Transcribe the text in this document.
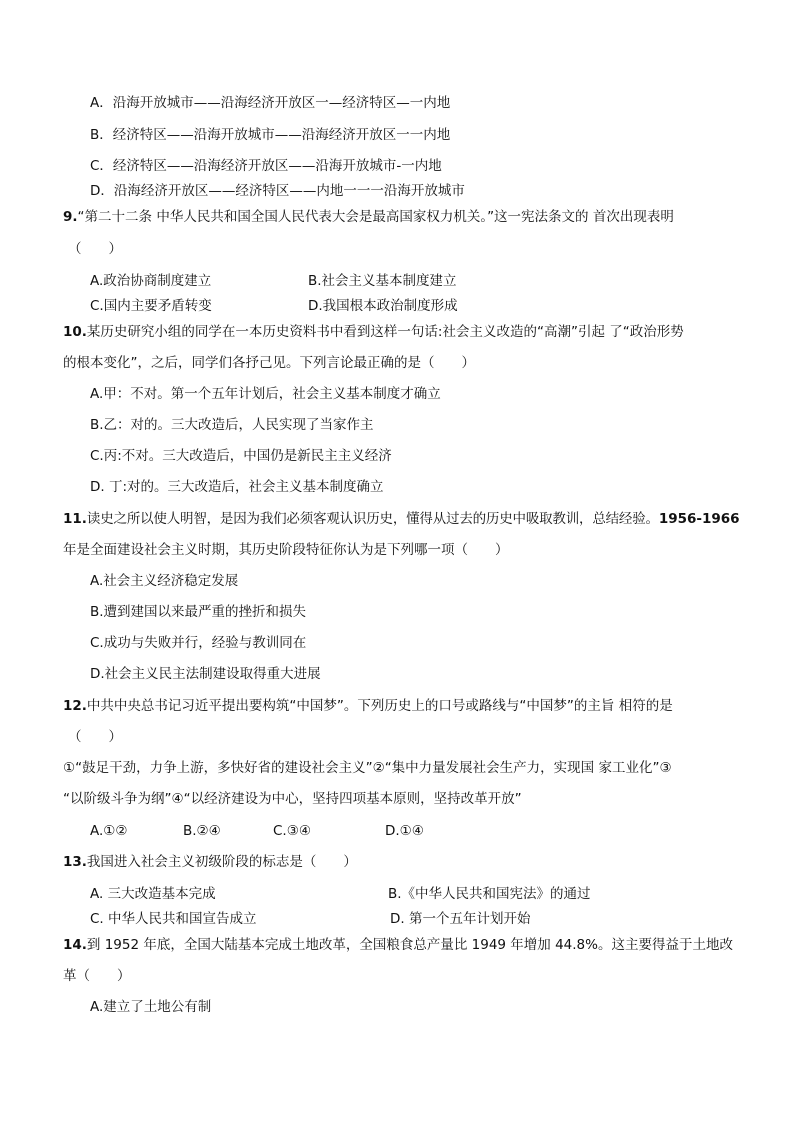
A．沿海开放城市——沿海经济开放区一—经济特区—一内地
B．经济特区——沿海开放城市——沿海经济开放区一一内地
C．经济特区——沿海经济开放区——沿海开放城市-一内地
D．沿海经济开放区——经济特区——内地一一一沿海开放城市
9.“第二十二条 中华人民共和国全国人民代表大会是最高国家权力机关。”这一宪法条文的 首次出现表明
（　　）
A.政治协商制度建立	B.社会主义基本制度建立
C.国内主要矛盾转变	D.我国根本政治制度形成
10.某历史研究小组的同学在一本历史资料书中看到这样一句话:社会主义改造的“高潮”引起 了“政治形势
的根本变化”，之后，同学们各抒己见。下列言论最正确的是（　　）
A.甲：不对。第一个五年计划后，社会主义基本制度才确立
B.乙：对的。三大改造后，人民实现了当家作主
C.丙:不对。三大改造后，中国仍是新民主主义经济
D. 丁:对的。三大改造后，社会主义基本制度确立
11.读史之所以使人明智，是因为我们必须客观认识历史，懂得从过去的历史中吸取教训，总结经验。1956-1966
年是全面建设社会主义时期，其历史阶段特征你认为是下列哪一项（　　）
A.社会主义经济稳定发展
B.遭到建国以来最严重的挫折和损失
C.成功与失败并行，经验与教训同在
D.社会主义民主法制建设取得重大进展
12.中共中央总书记习近平提出要构筑“中国梦”。下列历史上的口号或路线与“中国梦”的主旨 相符的是
（　　）
①“鼓足干劲，力争上游，多快好省的建设社会主义”②“集中力量发展社会生产力，实现国 家工业化”③
“以阶级斗争为纲”④“以经济建设为中心，坚持四项基本原则，坚持改革开放”
A.①②	B.②④	C.③④	D.①④
13.我国进入社会主义初级阶段的标志是（　　）
A. 三大改造基本完成	B.《中华人民共和国宪法》的通过
C. 中华人民共和国宣告成立	D. 第一个五年计划开始
14.到 1952 年底，全国大陆基本完成土地改革，全国粮食总产量比 1949 年增加 44.8%。这主要得益于土地改
革（　　）
A.建立了土地公有制
